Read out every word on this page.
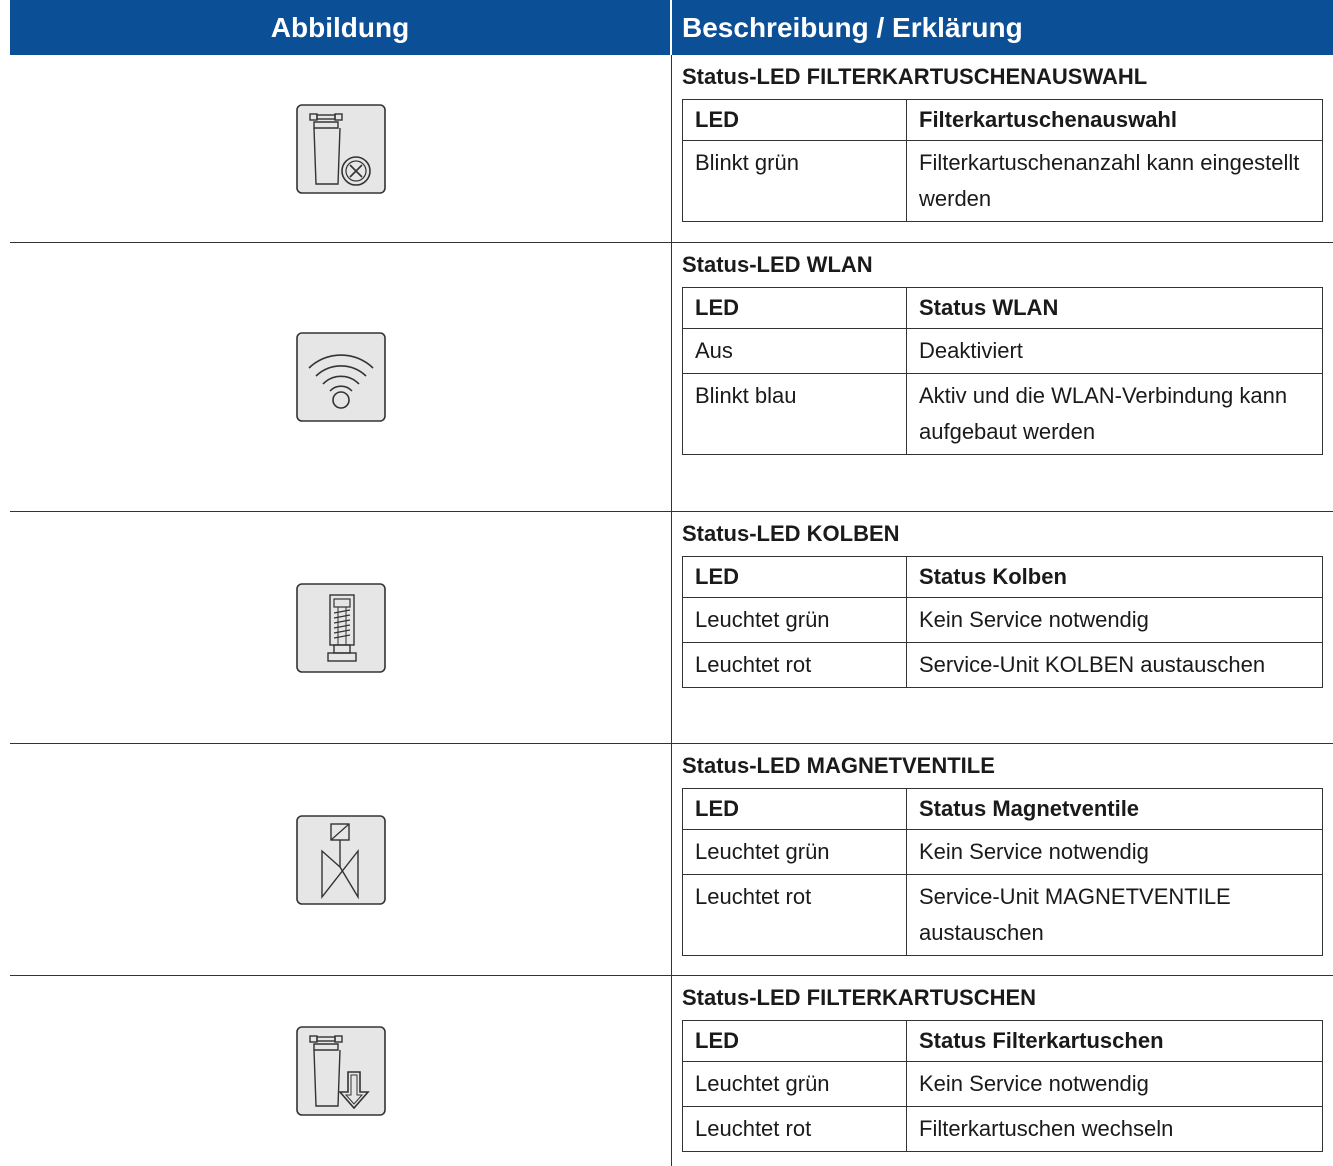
Abbildung	Beschreibung / Erklärung
Status-LED FILTERKARTUSCHENAUSWAHL
LED	Filterkartuschenauswahl
Blinkt grün	Filterkartuschenanzahl kann eingestellt werden
Status-LED WLAN
LED	Status WLAN
Aus	Deaktiviert
Blinkt blau	Aktiv und die WLAN-Verbindung kann aufgebaut werden
Status-LED KOLBEN
LED	Status Kolben
Leuchtet grün	Kein Service notwendig
Leuchtet rot	Service-Unit KOLBEN austauschen
Status-LED MAGNETVENTILE
LED	Status Magnetventile
Leuchtet grün	Kein Service notwendig
Leuchtet rot	Service-Unit MAGNETVENTILE austauschen
Status-LED FILTERKARTUSCHEN
LED	Status Filterkartuschen
Leuchtet grün	Kein Service notwendig
Leuchtet rot	Filterkartuschen wechseln
